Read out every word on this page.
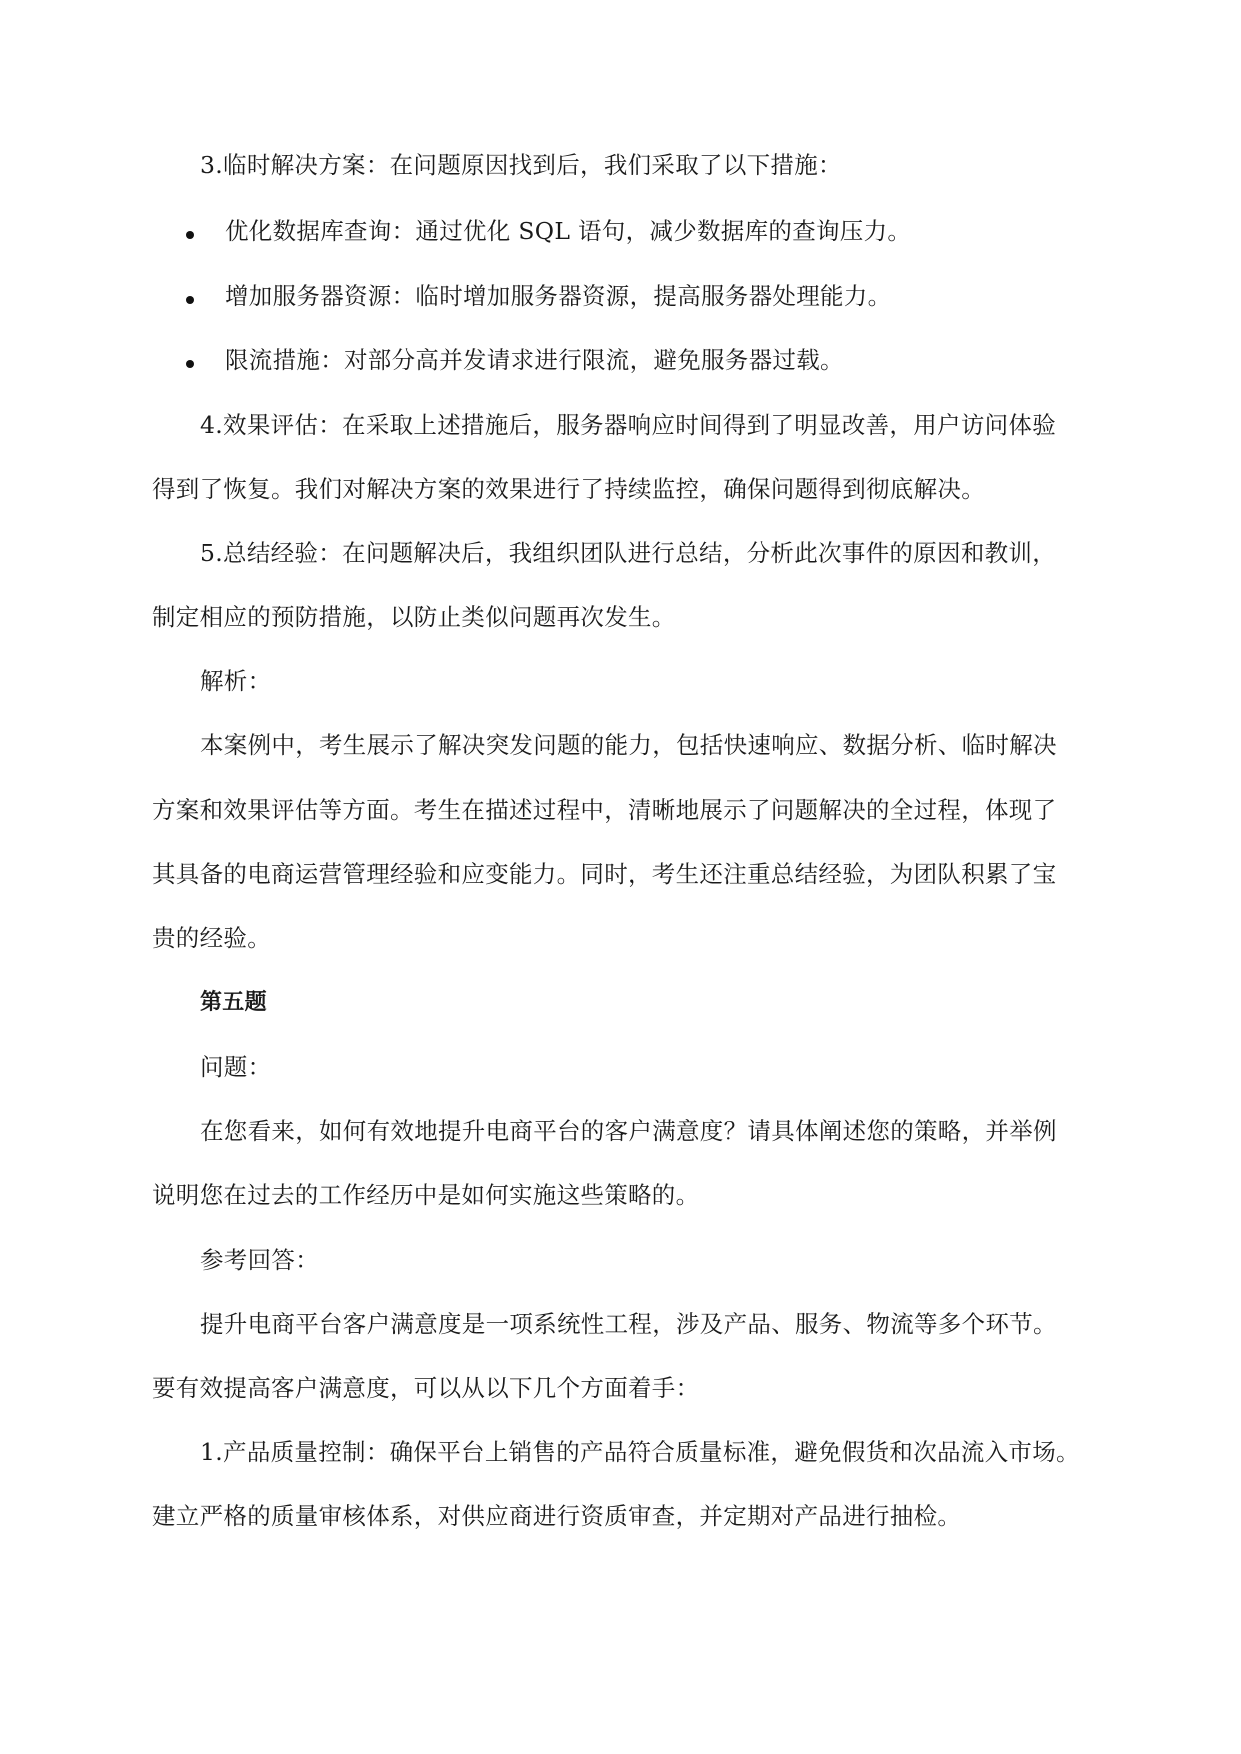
3.临时解决方案：在问题原因找到后，我们采取了以下措施：
优化数据库查询：通过优化 SQL 语句，减少数据库的查询压力。
增加服务器资源：临时增加服务器资源，提高服务器处理能力。
限流措施：对部分高并发请求进行限流，避免服务器过载。
4.效果评估：在采取上述措施后，服务器响应时间得到了明显改善，用户访问体验
得到了恢复。我们对解决方案的效果进行了持续监控，确保问题得到彻底解决。
5.总结经验：在问题解决后，我组织团队进行总结，分析此次事件的原因和教训，
制定相应的预防措施，以防止类似问题再次发生。
解析：
本案例中，考生展示了解决突发问题的能力，包括快速响应、数据分析、临时解决
方案和效果评估等方面。考生在描述过程中，清晰地展示了问题解决的全过程，体现了
其具备的电商运营管理经验和应变能力。同时，考生还注重总结经验，为团队积累了宝
贵的经验。
第五题
问题：
在您看来，如何有效地提升电商平台的客户满意度？请具体阐述您的策略，并举例
说明您在过去的工作经历中是如何实施这些策略的。
参考回答：
提升电商平台客户满意度是一项系统性工程，涉及产品、服务、物流等多个环节。
要有效提高客户满意度，可以从以下几个方面着手：
1.产品质量控制：确保平台上销售的产品符合质量标准，避免假货和次品流入市场。
建立严格的质量审核体系，对供应商进行资质审查，并定期对产品进行抽检。
